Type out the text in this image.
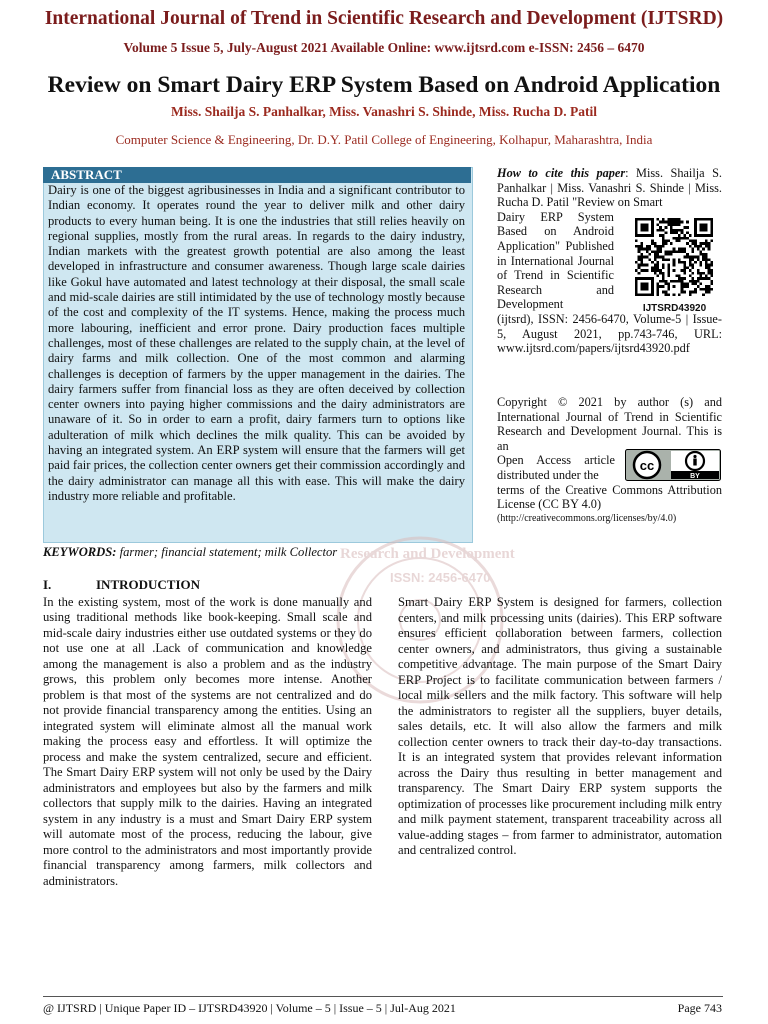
International Journal of Trend in Scientific Research and Development (IJTSRD)
Volume 5 Issue 5, July-August 2021 Available Online: www.ijtsrd.com e-ISSN: 2456 – 6470
Review on Smart Dairy ERP System Based on Android Application
Miss. Shailja S. Panhalkar, Miss. Vanashri S. Shinde, Miss. Rucha D. Patil
Computer Science & Engineering, Dr. D.Y. Patil College of Engineering, Kolhapur, Maharashtra, India
ABSTRACT

Dairy is one of the biggest agribusinesses in India and a significant contributor to Indian economy. It operates round the year to deliver milk and other dairy products to every human being. It is one the industries that still relies heavily on regional supplies, mostly from the rural areas. In regards to the dairy industry, Indian markets with the greatest growth potential are also among the least developed in infrastructure and consumer awareness. Though large scale dairies like Gokul have automated and latest technology at their disposal, the small scale and mid-scale dairies are still intimidated by the use of technology mostly because of the cost and complexity of the IT systems. Hence, making the process much more labouring, inefficient and error prone. Dairy production faces multiple challenges, most of these challenges are related to the supply chain, at the level of dairy farms and milk collection. One of the most common and alarming challenges is deception of farmers by the upper management in the dairies. The dairy farmers suffer from financial loss as they are often deceived by collection center owners into paying higher commissions and the dairy administrators are unaware of it. So in order to earn a profit, dairy farmers turn to options like adulteration of milk which declines the milk quality. This can be avoided by having an integrated system. An ERP system will ensure that the farmers will get paid fair prices, the collection center owners get their commission accordingly and the dairy administrator can manage all this with ease. This will make the dairy industry more reliable and profitable.

Research and Development
ISSN: 2456-6470
KEYWORDS: farmer; financial statement; milk Collector
How to cite this paper: Miss. Shailja S. Panhalkar | Miss. Vanashri S. Shinde | Miss. Rucha D. Patil "Review on Smart
Dairy ERP System Based on Android Application" Published in International Journal of Trend in Scientific Research and Development
(ijtsrd), ISSN: 2456-6470, Volume-5 | Issue-5, August 2021, pp.743-746, URL: www.ijtsrd.com/papers/ijtsrd43920.pdf
IJTSRD43920
Copyright © 2021 by author (s) and International Journal of Trend in Scientific Research and Development Journal. This is an
Open Access article distributed under the
terms of the Creative Commons Attribution License (CC BY 4.0)
(http://creativecommons.org/licenses/by/4.0)
cc
BY
I.	INTRODUCTION

In the existing system, most of the work is done manually and using traditional methods like book-keeping. Small scale and mid-scale dairy industries either use outdated systems or they do not use one at all .Lack of communication and knowledge among the management is also a problem and as the industry grows, this problem only becomes more intense. Another problem is that most of the systems are not centralized and do not provide financial transparency among the entities. Using an integrated system will eliminate almost all the manual work making the process easy and effortless. It will optimize the process and make the system centralized, secure and efficient. The Smart Dairy ERP system will not only be used by the Dairy administrators and employees but also by the farmers and milk collectors that supply milk to the dairies. Having an integrated system in any industry is a must and Smart Dairy ERP system will automate most of the process, reducing the labour, give more control to the administrators and most importantly provide financial transparency among farmers, milk collectors and administrators.

Smart Dairy ERP System is designed for farmers, collection centers, and milk processing units (dairies). This ERP software ensures efficient collaboration between farmers, collection center owners, and administrators, thus giving a sustainable competitive advantage. The main purpose of the Smart Dairy ERP Project is to facilitate communication between farmers / local milk sellers and the milk factory. This software will help the administrators to register all the suppliers, buyer details, sales details, etc. It will also allow the farmers and milk collection center owners to track their day-to-day transactions. It is an integrated system that provides relevant information across the Dairy thus resulting in better management and transparency. The Smart Dairy ERP system supports the optimization of processes like procurement including milk entry and milk payment statement, transparent traceability across all value-adding stages – from farmer to administrator, automation and centralized control.

@ IJTSRD | Unique Paper ID – IJTSRD43920 | Volume – 5 | Issue – 5 | Jul-Aug 2021	Page 743
